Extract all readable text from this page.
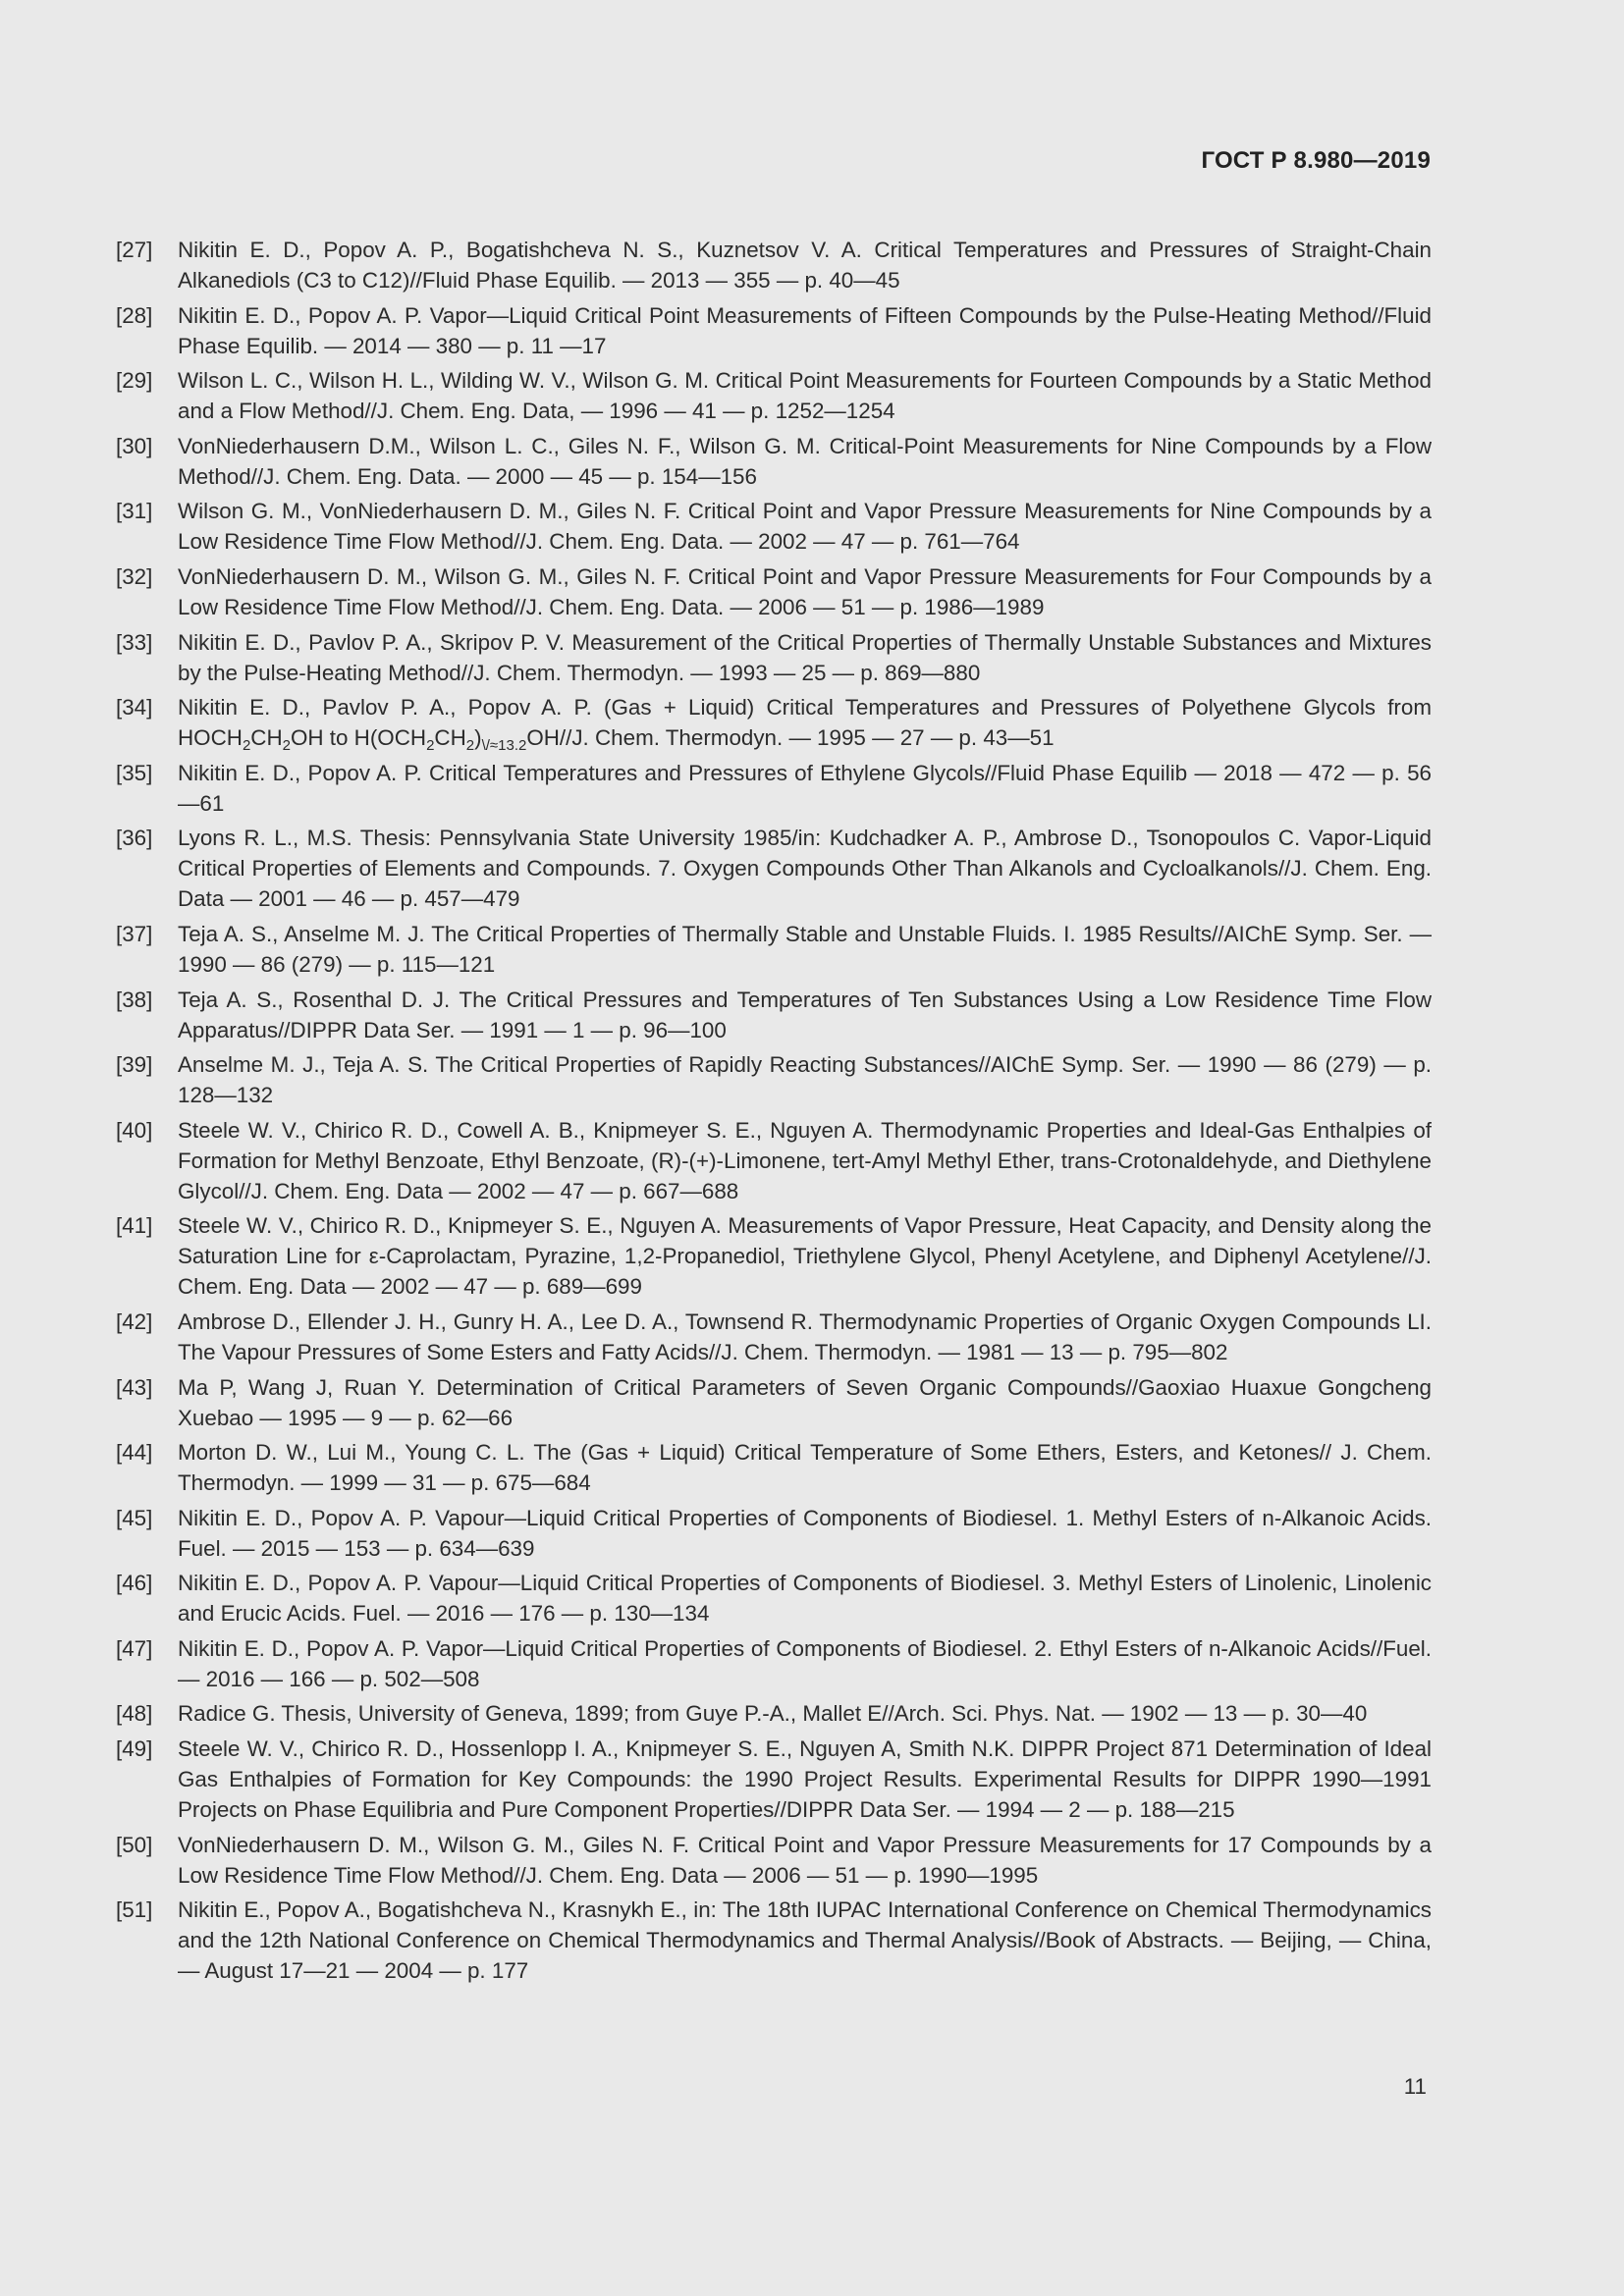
ГОСТ Р 8.980—2019
[27]	Nikitin E. D., Popov A. P., Bogatishcheva N. S., Kuznetsov V. A. Critical Temperatures and Pressures of Straight-Chain Alkanediols (C3 to C12)//Fluid Phase Equilib. — 2013 — 355 — p. 40—45
[28]	Nikitin E. D., Popov A. P. Vapor—Liquid Critical Point Measurements of Fifteen Compounds by the Pulse-Heating Method//Fluid Phase Equilib. — 2014 — 380 — p. 11 —17
[29]	Wilson L. C., Wilson H. L., Wilding W. V., Wilson G. M. Critical Point Measurements for Fourteen Compounds by a Static Method and a Flow Method//J. Chem. Eng. Data, — 1996 — 41 — p. 1252—1254
[30]	VonNiederhausern D.M., Wilson L. C., Giles N. F., Wilson G. M. Critical-Point Measurements for Nine Compounds by a Flow Method//J. Chem. Eng. Data. — 2000 — 45 — p. 154—156
[31]	Wilson G. M., VonNiederhausern D. M., Giles N. F. Critical Point and Vapor Pressure Measurements for Nine Compounds by a Low Residence Time Flow Method//J. Chem. Eng. Data. — 2002 — 47 — p. 761—764
[32]	VonNiederhausern D. M., Wilson G. M., Giles N. F. Critical Point and Vapor Pressure Measurements for Four Compounds by a Low Residence Time Flow Method//J. Chem. Eng. Data. — 2006 — 51 — p. 1986—1989
[33]	Nikitin E. D., Pavlov P. A., Skripov P. V. Measurement of the Critical Properties of Thermally Unstable Substances and Mixtures by the Pulse-Heating Method//J. Chem. Thermodyn. — 1993 — 25 — p. 869—880
[34]	Nikitin E. D., Pavlov P. A., Popov A. P. (Gas + Liquid) Critical Temperatures and Pressures of Polyethene Glycols from $HOCH_2CH_2OH$ to $H(OCH_2CH_2)_{\backslash/\approx 13.2}OH//J$. Chem. Thermodyn. — 1995 — 27 — p. 43—51
[35]	Nikitin E. D., Popov A. P. Critical Temperatures and Pressures of Ethylene Glycols//Fluid Phase Equilib — 2018 — 472 — p. 56—61
[36]	Lyons R. L., M.S. Thesis: Pennsylvania State University 1985/in: Kudchadker A. P., Ambrose D., Tsonopoulos C. Vapor-Liquid Critical Properties of Elements and Compounds. 7. Oxygen Compounds Other Than Alkanols and Cycloalkanols//J. Chem. Eng. Data — 2001 — 46 — p. 457—479
[37]	Teja A. S., Anselme M. J. The Critical Properties of Thermally Stable and Unstable Fluids. I. 1985 Results//AIChE Symp. Ser. — 1990 — 86 (279) — p. 115—121
[38]	Teja A. S., Rosenthal D. J. The Critical Pressures and Temperatures of Ten Substances Using a Low Residence Time Flow Apparatus//DIPPR Data Ser. — 1991 — 1 — p. 96—100
[39]	Anselme M. J., Teja A. S. The Critical Properties of Rapidly Reacting Substances//AIChE Symp. Ser. — 1990 — 86 (279) — p. 128—132
[40]	Steele W. V., Chirico R. D., Cowell A. B., Knipmeyer S. E., Nguyen A. Thermodynamic Properties and Ideal-Gas Enthalpies of Formation for Methyl Benzoate, Ethyl Benzoate, (R)-(+)-Limonene, tert-Amyl Methyl Ether, trans-Crotonaldehyde, and Diethylene Glycol//J. Chem. Eng. Data — 2002 — 47 — p. 667—688
[41]	Steele W. V., Chirico R. D., Knipmeyer S. E., Nguyen A. Measurements of Vapor Pressure, Heat Capacity, and Density along the Saturation Line for ε-Caprolactam, Pyrazine, 1,2-Propanediol, Triethylene Glycol, Phenyl Acetylene, and Diphenyl Acetylene//J. Chem. Eng. Data — 2002 — 47 — p. 689—699
[42]	Ambrose D., Ellender J. H., Gunry H. A., Lee D. A., Townsend R. Thermodynamic Properties of Organic Oxygen Compounds LI. The Vapour Pressures of Some Esters and Fatty Acids//J. Chem. Thermodyn. — 1981 — 13 — p. 795—802
[43]	Ma P, Wang J, Ruan Y. Determination of Critical Parameters of Seven Organic Compounds//Gaoxiao Huaxue Gongcheng Xuebao — 1995 — 9 — p. 62—66
[44]	Morton D. W., Lui M., Young C. L. The (Gas + Liquid) Critical Temperature of Some Ethers, Esters, and Ketones// J. Chem. Thermodyn. — 1999 — 31 — p. 675—684
[45]	Nikitin E. D., Popov A. P. Vapour—Liquid Critical Properties of Components of Biodiesel. 1. Methyl Esters of n-Alkanoic Acids. Fuel. — 2015 — 153 — p. 634—639
[46]	Nikitin E. D., Popov A. P. Vapour—Liquid Critical Properties of Components of Biodiesel. 3. Methyl Esters of Linolenic, Linolenic and Erucic Acids. Fuel. — 2016 — 176 — p. 130—134
[47]	Nikitin E. D., Popov A. P. Vapor—Liquid Critical Properties of Components of Biodiesel. 2. Ethyl Esters of n-Alkanoic Acids//Fuel. — 2016 — 166 — p. 502—508
[48]	Radice G. Thesis, University of Geneva, 1899; from Guye P.-A., Mallet E//Arch. Sci. Phys. Nat. — 1902 — 13 — p. 30—40
[49]	Steele W. V., Chirico R. D., Hossenlopp I. A., Knipmeyer S. E., Nguyen A, Smith N.K. DIPPR Project 871 Determination of Ideal Gas Enthalpies of Formation for Key Compounds: the 1990 Project Results. Experimental Results for DIPPR 1990—1991 Projects on Phase Equilibria and Pure Component Properties//DIPPR Data Ser. — 1994 — 2 — p. 188—215
[50]	VonNiederhausern D. M., Wilson G. M., Giles N. F. Critical Point and Vapor Pressure Measurements for 17 Compounds by a Low Residence Time Flow Method//J. Chem. Eng. Data — 2006 — 51 — p. 1990—1995
[51]	Nikitin E., Popov A., Bogatishcheva N., Krasnykh E., in: The 18th IUPAC International Conference on Chemical Thermodynamics and the 12th National Conference on Chemical Thermodynamics and Thermal Analysis//Book of Abstracts. — Beijing, — China, — August 17—21 — 2004 — p. 177
11
